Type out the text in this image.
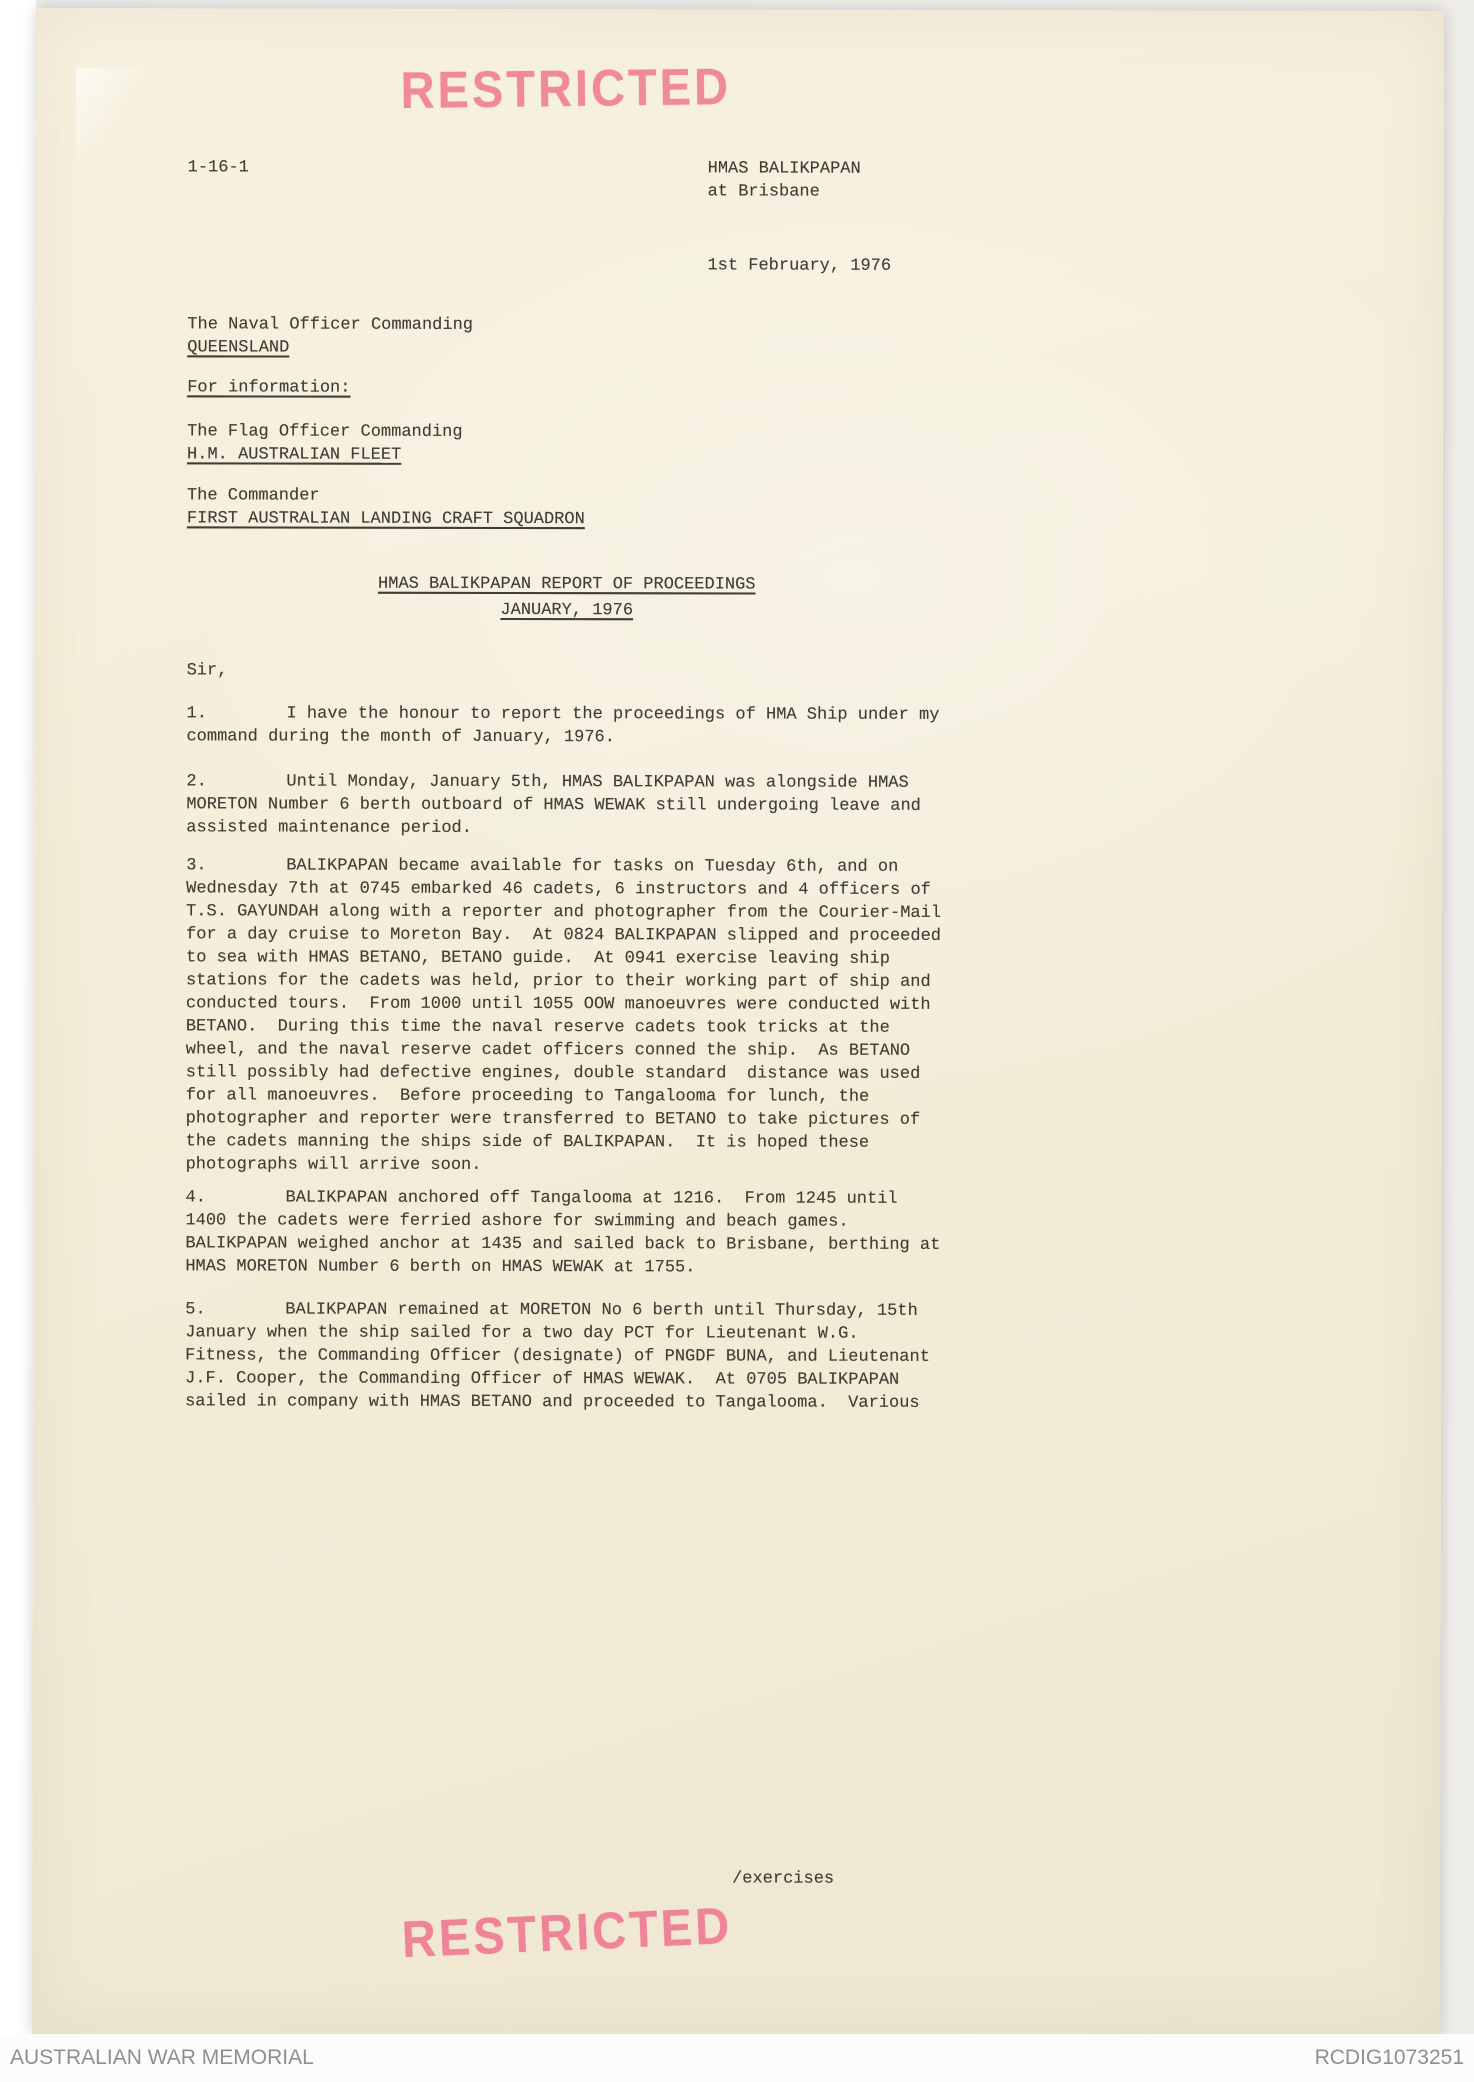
RESTRICTED
1-16-1	HMAS BALIKPAPAN
at Brisbane
1st February, 1976
The Naval Officer Commanding
QUEENSLAND
For information:
The Flag Officer Commanding
H.M. AUSTRALIAN FLEET
The Commander
FIRST AUSTRALIAN LANDING CRAFT SQUADRON
HMAS BALIKPAPAN REPORT OF PROCEEDINGS
JANUARY, 1976
Sir,
1.	I have the honour to report the proceedings of HMA Ship under my command during the month of January, 1976.
2.	Until Monday, January 5th, HMAS BALIKPAPAN was alongside HMAS MORETON Number 6 berth outboard of HMAS WEWAK still undergoing leave and assisted maintenance period.
3.	BALIKPAPAN became available for tasks on Tuesday 6th, and on Wednesday 7th at 0745 embarked 46 cadets, 6 instructors and 4 officers of T.S. GAYUNDAH along with a reporter and photographer from the Courier-Mail for a day cruise to Moreton Bay.  At 0824 BALIKPAPAN slipped and proceeded to sea with HMAS BETANO, BETANO guide.  At 0941 exercise leaving ship stations for the cadets was held, prior to their working part of ship and conducted tours.  From 1000 until 1055 OOW manoeuvres were conducted with BETANO.  During this time the naval reserve cadets took tricks at the wheel, and the naval reserve cadet officers conned the ship.  As BETANO still possibly had defective engines, double standard  distance was used for all manoeuvres.  Before proceeding to Tangalooma for lunch, the photographer and reporter were transferred to BETANO to take pictures of the cadets manning the ships side of BALIKPAPAN.  It is hoped these photographs will arrive soon.
4.	BALIKPAPAN anchored off Tangalooma at 1216.  From 1245 until 1400 the cadets were ferried ashore for swimming and beach games. BALIKPAPAN weighed anchor at 1435 and sailed back to Brisbane, berthing at HMAS MORETON Number 6 berth on HMAS WEWAK at 1755.
5.	BALIKPAPAN remained at MORETON No 6 berth until Thursday, 15th January when the ship sailed for a two day PCT for Lieutenant W.G. Fitness, the Commanding Officer (designate) of PNGDF BUNA, and Lieutenant J.F. Cooper, the Commanding Officer of HMAS WEWAK.  At 0705 BALIKPAPAN sailed in company with HMAS BETANO and proceeded to Tangalooma.  Various
/exercises
RESTRICTED
AUSTRALIAN WAR MEMORIAL	RCDIG1073251
